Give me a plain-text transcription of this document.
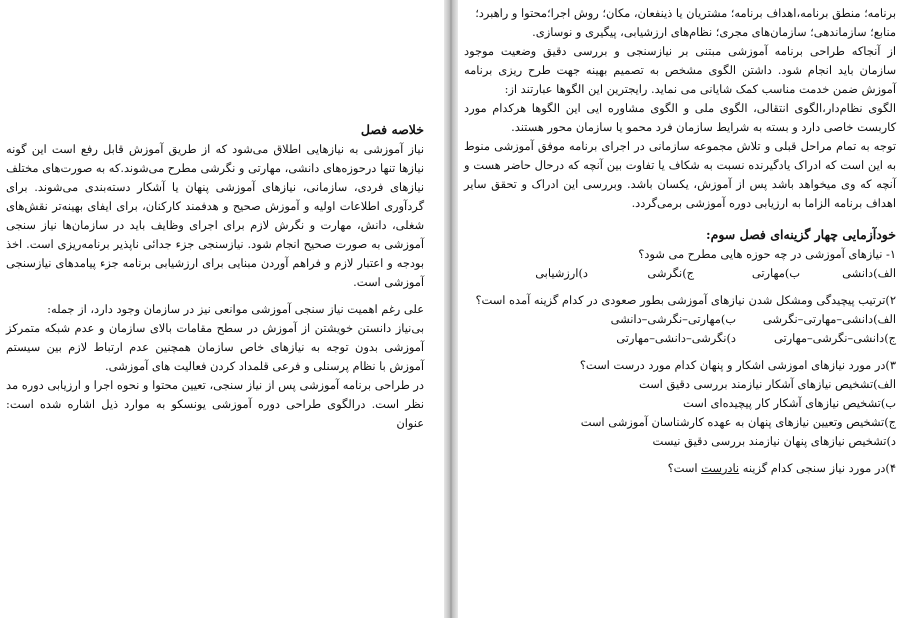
خلاصه فصل

نیاز آموزشی به نیازهایی اطلاق می‌شود که از طریق آموزش قابل رفع است این گونه نیازها تنها درحوزه‌های دانشی، مهارتی و نگرشی مطرح می‌شوند.که به صورت‌های مختلف نیازهای فردی، سازمانی، نیازهای آموزشی پنهان یا آشکار دسته‌بندی می‌شوند. برای گردآوری اطلاعات اولیه و آموزش صحیح و هدفمند کارکنان، برای ایفای بهینه‌تر نقش‌های شغلی، دانش، مهارت و نگرش لازم برای اجرای وظایف باید در سازمان‌ها نیاز سنجی آموزشی به صورت صحیح انجام شود. نیازسنجی جزء جدائی ناپذیر برنامه‌ریزی است. اخذ بودجه و اعتبار لازم و فراهم آوردن مبنایی برای ارزشیابی برنامه جزء پیامدهای نیازسنجی آموزشی است.

علی رغم اهمیت نیاز سنجی آموزشی موانعی نیز در سازمان وجود دارد، از جمله:

بی‌نیاز دانستن خویشتن از آموزش در سطح مقامات بالای سازمان و عدم شبکه متمرکز آموزشی بدون توجه به نیازهای خاص سازمان همچنین عدم ارتباط لازم بین سیستم آموزش با نظام پرسنلی و فرعی قلمداد کردن فعالیت های آموزشی.

در طراحی برنامه آموزشی پس از نیاز سنجی، تعیین محتوا و نحوه اجرا و ارزیابی دوره مد نظر است. درالگوی طراحی دوره آموزشی یونسکو به موارد ذیل اشاره شده است: عنوان

برنامه؛ منطق برنامه،اهداف برنامه؛ مشتریان یا ذینفعان، مکان؛ روش اجرا؛محتوا و راهبرد؛
منابع؛ سازماندهی؛ سازمان‌های مجری؛ نظام‌های ارزشیابی، پیگیری و نوسازی.

از آنجاکه طراحی برنامه آموزشی مبتنی بر نیازسنجی و بررسی دقیق وضعیت موجود سازمان باید انجام شود. داشتن الگوی مشخص به تصمیم بهینه جهت طرح ریزی برنامه آموزش ضمن خدمت مناسب کمک شایانی می نماید. رایجترین این الگوها عبارتند از:

الگوی نظام‌دار،الگوی انتقالی، الگوی ملی و الگوی مشاوره ایی این الگوها هرکدام مورد کاربست خاصی دارد و بسته به شرایط سازمان فرد محمو یا سازمان محور هستند.

توجه به تمام مراحل قبلی و تلاش مجموعه سازمانی در اجرای برنامه موفق آموزشی منوط به این است که ادراک یادگیرنده نسبت به شکاف یا تفاوت بین آنچه که درحال حاضر هست و آنچه که وی میخواهد باشد پس از آموزش، یکسان باشد. وبررسی این ادراک و تحقق سایر اهداف برنامه الزاما به ارزیابی دوره آموزشی برمی‌گردد.

خودآزمایی چهار گزینه‌ای فصل سوم:
۱- نیازهای آموزشی در چه حوزه هایی مطرح می شود؟
الف)دانشی
ب)مهارتی
ج)نگرشی
د)ارزشیابی
۲)ترتیب پیچیدگی ومشکل شدن نیازهای آموزشی بطور صعودی در کدام گزینه آمده است؟
الف)دانشی–مهارتی–نگرشی
ب)مهارتی–نگرشی–دانشی
ج)دانشی–نگرشی–مهارتی
د)نگرشی–دانشی–مهارتی
۳)در مورد نیازهای اموزشی اشکار و پنهان کدام مورد درست است؟
الف)تشخیص نیازهای آشکار نیازمند بررسی دقیق است
ب)تشخیص نیازهای آشکار کار پیچیده‌ای است
ج)تشخیص وتعیین نیازهای پنهان به عهده کارشناسان آموزشی است
د)تشخیص نیازهای پنهان نیازمند بررسی دقیق نیست
۴)در مورد نیاز سنجی کدام گزینه نادرست است؟
